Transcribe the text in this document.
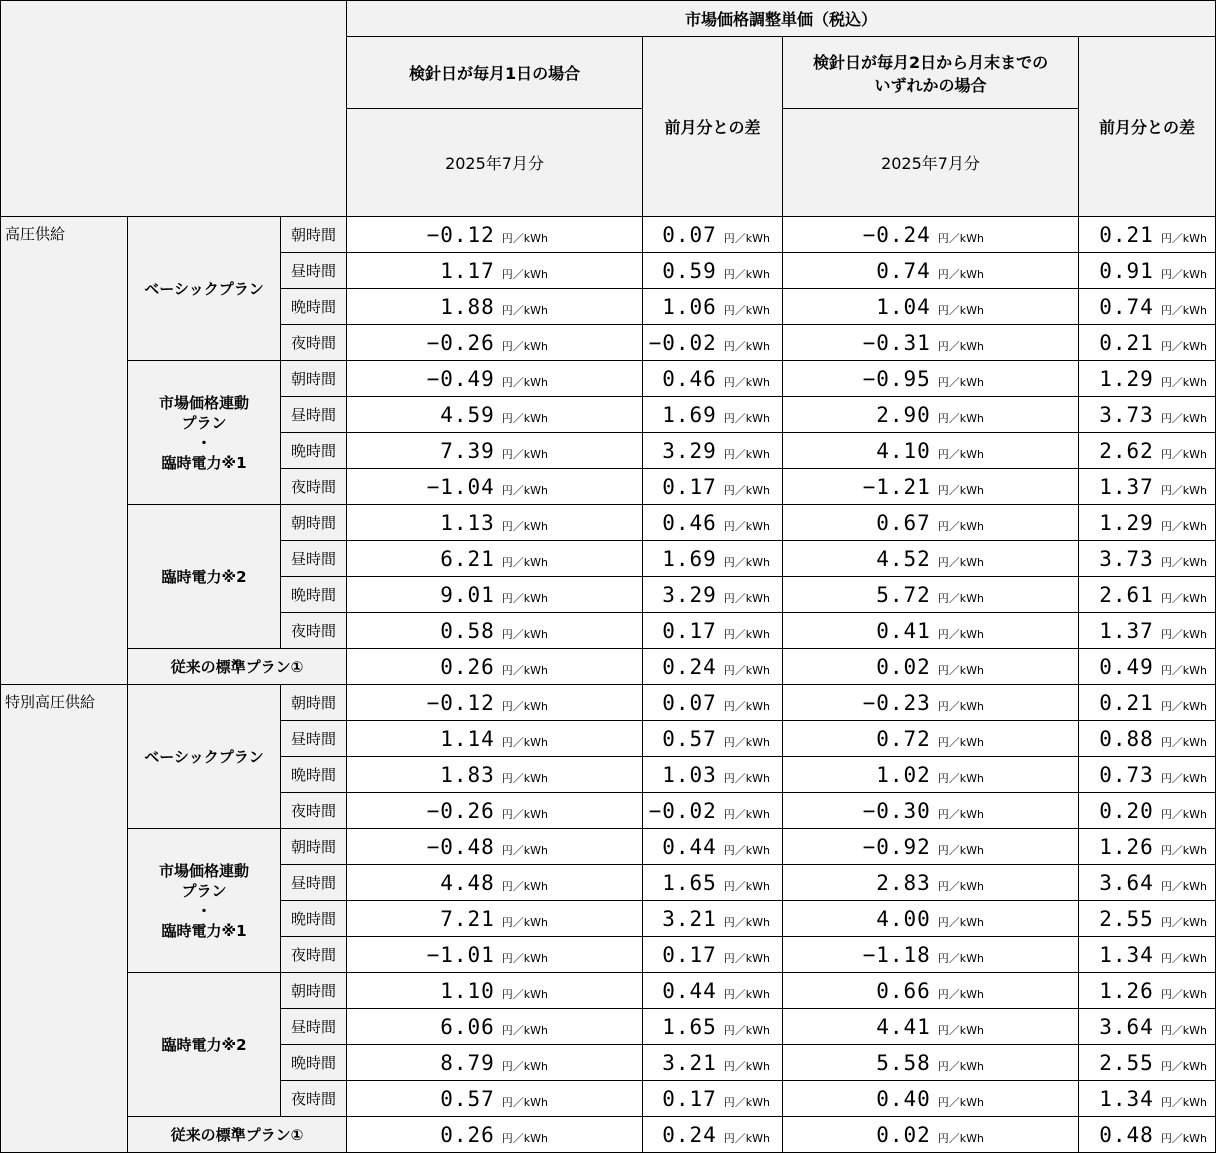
			市場価格調整単価（税込）			
			検針日が毎月1日の場合	前月分との差	検針日が毎月2日から月末までの
いずれかの場合	前月分との差
			2025年7月分		2025年7月分	
高圧供給	ベーシックプラン	朝時間	−0.12 円／kWh	0.07 円／kWh	−0.24 円／kWh	0.21 円／kWh
		昼時間	1.17 円／kWh	0.59 円／kWh	0.74 円／kWh	0.91 円／kWh
		晩時間	1.88 円／kWh	1.06 円／kWh	1.04 円／kWh	0.74 円／kWh
		夜時間	−0.26 円／kWh	−0.02 円／kWh	−0.31 円／kWh	0.21 円／kWh

	市場価格連動
プラン
・
臨時電力※1	朝時間	−0.49 円／kWh	0.46 円／kWh	−0.95 円／kWh	1.29 円／kWh
		昼時間	4.59 円／kWh	1.69 円／kWh	2.90 円／kWh	3.73 円／kWh
		晩時間	7.39 円／kWh	3.29 円／kWh	4.10 円／kWh	2.62 円／kWh
		夜時間	−1.04 円／kWh	0.17 円／kWh	−1.21 円／kWh	1.37 円／kWh

	臨時電力※2	朝時間	1.13 円／kWh	0.46 円／kWh	0.67 円／kWh	1.29 円／kWh
		昼時間	6.21 円／kWh	1.69 円／kWh	4.52 円／kWh	3.73 円／kWh
		晩時間	9.01 円／kWh	3.29 円／kWh	5.72 円／kWh	2.61 円／kWh
		夜時間	0.58 円／kWh	0.17 円／kWh	0.41 円／kWh	1.37 円／kWh
	従来の標準プラン①		0.26 円／kWh	0.24 円／kWh	0.02 円／kWh	0.49 円／kWh
特別高圧供給	ベーシックプラン	朝時間	−0.12 円／kWh	0.07 円／kWh	−0.23 円／kWh	0.21 円／kWh
		昼時間	1.14 円／kWh	0.57 円／kWh	0.72 円／kWh	0.88 円／kWh
		晩時間	1.83 円／kWh	1.03 円／kWh	1.02 円／kWh	0.73 円／kWh
		夜時間	−0.26 円／kWh	−0.02 円／kWh	−0.30 円／kWh	0.20 円／kWh

	市場価格連動
プラン
・
臨時電力※1	朝時間	−0.48 円／kWh	0.44 円／kWh	−0.92 円／kWh	1.26 円／kWh
		昼時間	4.48 円／kWh	1.65 円／kWh	2.83 円／kWh	3.64 円／kWh
		晩時間	7.21 円／kWh	3.21 円／kWh	4.00 円／kWh	2.55 円／kWh
		夜時間	−1.01 円／kWh	0.17 円／kWh	−1.18 円／kWh	1.34 円／kWh

	臨時電力※2	朝時間	1.10 円／kWh	0.44 円／kWh	0.66 円／kWh	1.26 円／kWh
		昼時間	6.06 円／kWh	1.65 円／kWh	4.41 円／kWh	3.64 円／kWh
		晩時間	8.79 円／kWh	3.21 円／kWh	5.58 円／kWh	2.55 円／kWh
		夜時間	0.57 円／kWh	0.17 円／kWh	0.40 円／kWh	1.34 円／kWh
	従来の標準プラン①		0.26 円／kWh	0.24 円／kWh	0.02 円／kWh	0.48 円／kWh
